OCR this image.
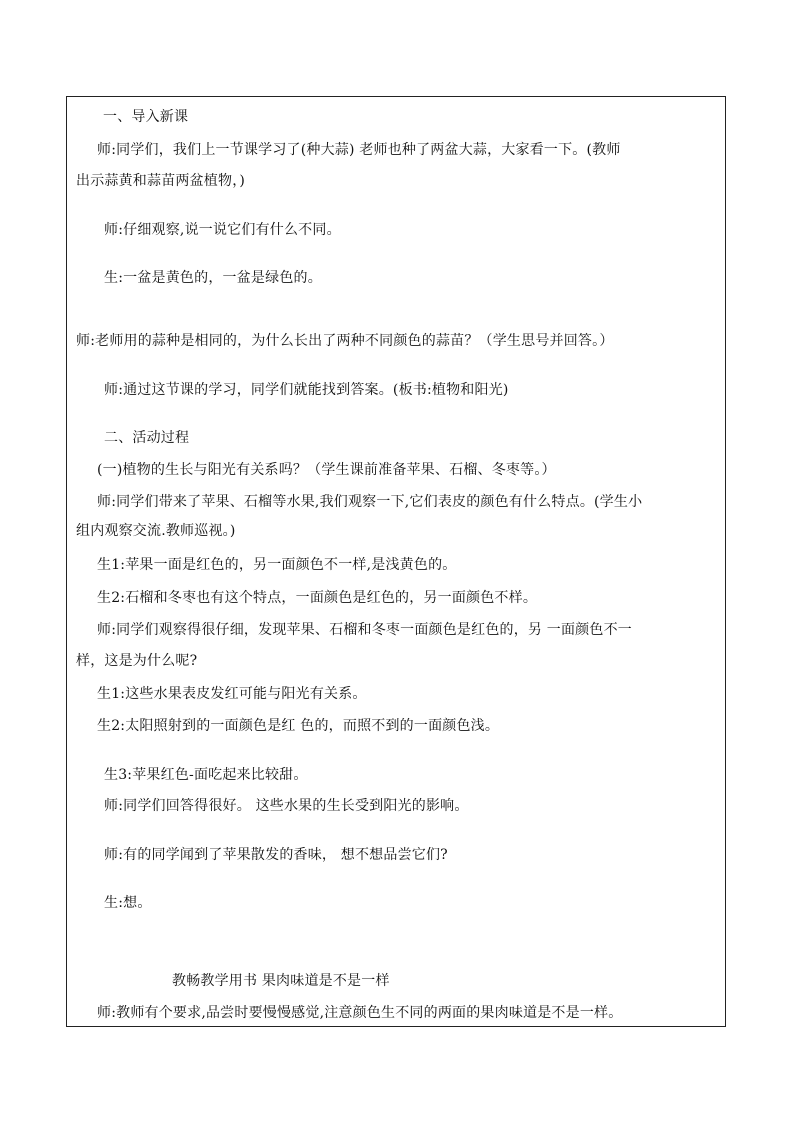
一、导入新课
师:同学们，我们上一节课学习了(种大蒜) 老师也种了两盆大蒜，大家看一下。(教师
出示蒜黄和蒜苗两盆植物，)
师:仔细观察,说一说它们有什么不同。
生:一盆是黄色的，一盆是绿色的。
师:老师用的蒜种是相同的，为什么长出了两种不同颜色的蒜苗？（学生思号并回答。）
师:通过这节课的学习，同学们就能找到答案。(板书:植物和阳光)
二、活动过程
(一)植物的生长与阳光有关系吗？（学生课前准备苹果、石榴、冬枣等。）
师:同学们带来了苹果、石榴等水果,我们观察一下,它们表皮的颜色有什么特点。(学生小
组内观察交流.教师巡视。)
生1:苹果一面是红色的，另一面颜色不一样,是浅黄色的。
生2:石榴和冬枣也有这个特点，一面颜色是红色的，另一面颜色不样。
师:同学们观察得很仔细，发现苹果、石榴和冬枣一面颜色是红色的，另 一面颜色不一
样，这是为什么呢?
生1:这些水果表皮发红可能与阳光有关系。
生2:太阳照射到的一面颜色是红 色的，而照不到的一面颜色浅。
生3:苹果红色-面吃起来比较甜。
师:同学们回答得很好。 这些水果的生长受到阳光的影响。
师:有的同学闻到了苹果散发的香味， 想不想品尝它们?
生:想。
教畅教学用书 果肉味道是不是一样
师:教师有个要求,品尝时要慢慢感觉,注意颜色生不同的两面的果肉味道是不是一样。
